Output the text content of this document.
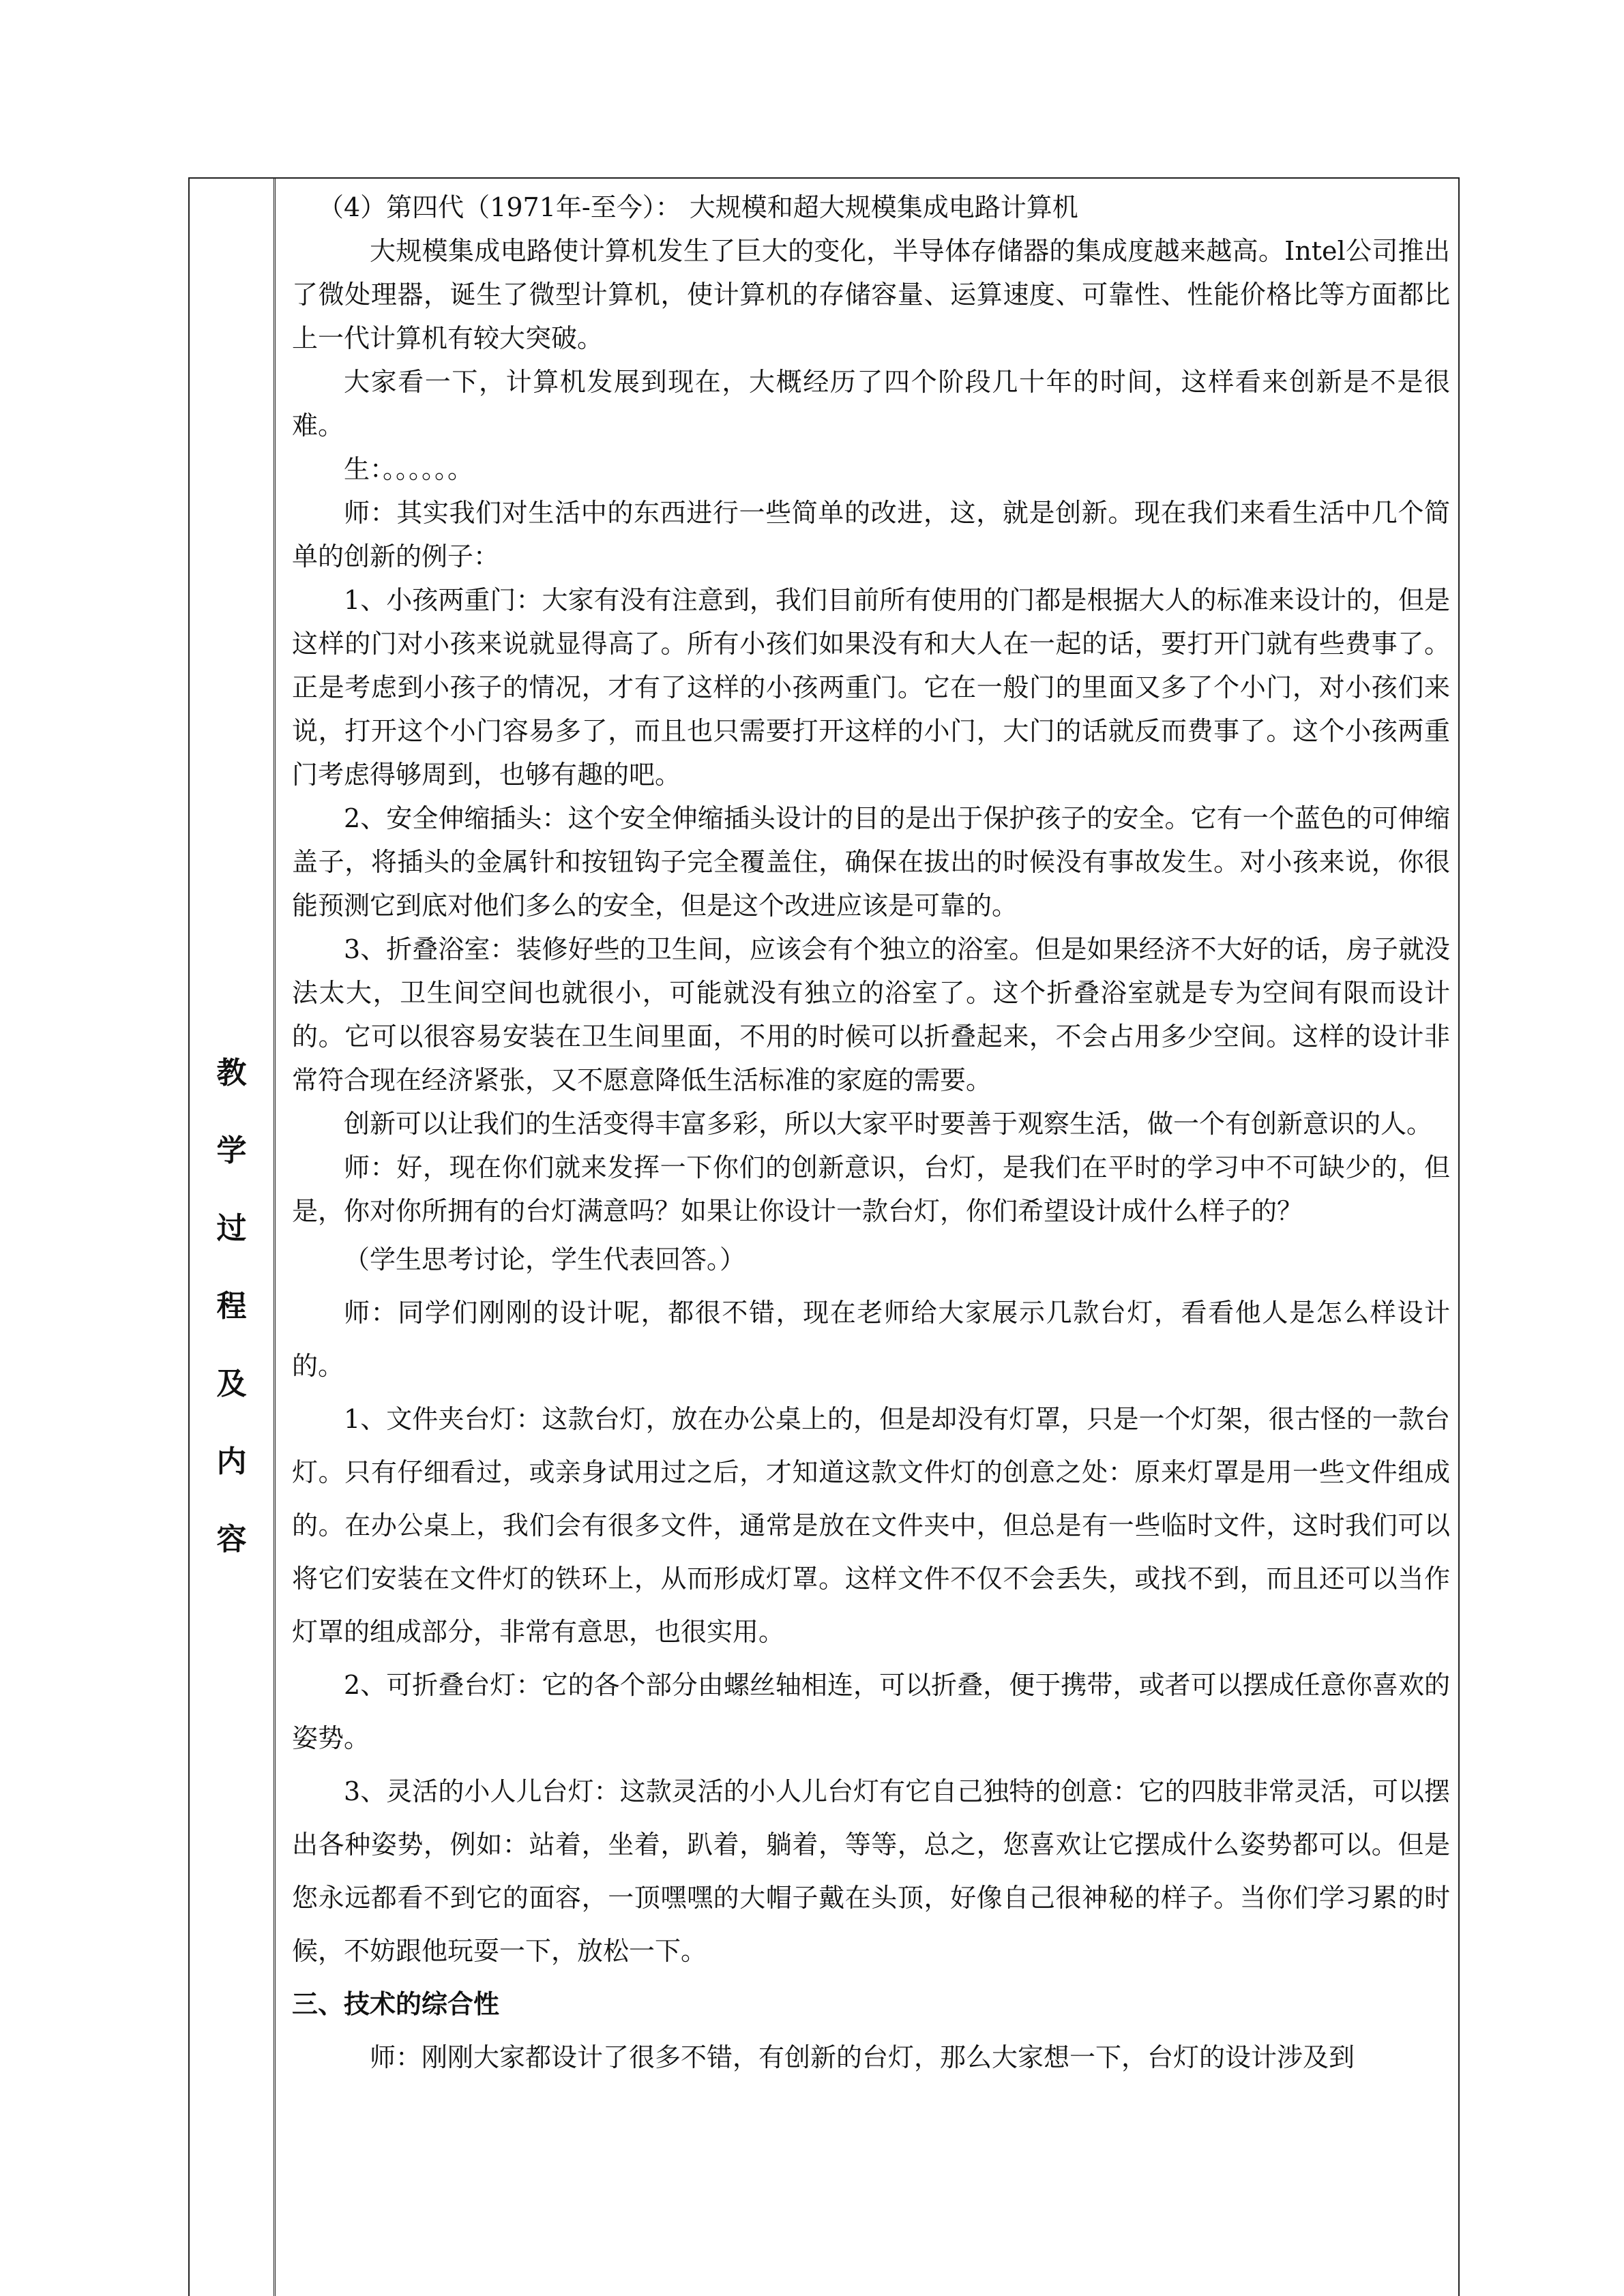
教
学
过
程
及
内
容

（4）第四代（1971年-至今）： 大规模和超大规模集成电路计算机

大规模集成电路使计算机发生了巨大的变化，半导体存储器的集成度越来越高。Intel公司推出了微处理器，诞生了微型计算机，使计算机的存储容量、运算速度、可靠性、性能价格比等方面都比上一代计算机有较大突破。

大家看一下，计算机发展到现在，大概经历了四个阶段几十年的时间，这样看来创新是不是很难。

生：。。。。。。

师：其实我们对生活中的东西进行一些简单的改进，这，就是创新。现在我们来看生活中几个简单的创新的例子：

1、小孩两重门：大家有没有注意到，我们目前所有使用的门都是根据大人的标准来设计的，但是这样的门对小孩来说就显得高了。所有小孩们如果没有和大人在一起的话，要打开门就有些费事了。正是考虑到小孩子的情况，才有了这样的小孩两重门。它在一般门的里面又多了个小门，对小孩们来说，打开这个小门容易多了，而且也只需要打开这样的小门，大门的话就反而费事了。这个小孩两重门考虑得够周到，也够有趣的吧。

2、安全伸缩插头：这个安全伸缩插头设计的目的是出于保护孩子的安全。它有一个蓝色的可伸缩盖子，将插头的金属针和按钮钩子完全覆盖住，确保在拔出的时候没有事故发生。对小孩来说，你很能预测它到底对他们多么的安全，但是这个改进应该是可靠的。

3、折叠浴室：装修好些的卫生间，应该会有个独立的浴室。但是如果经济不大好的话，房子就没法太大，卫生间空间也就很小，可能就没有独立的浴室了。这个折叠浴室就是专为空间有限而设计的。它可以很容易安装在卫生间里面，不用的时候可以折叠起来，不会占用多少空间。这样的设计非常符合现在经济紧张，又不愿意降低生活标准的家庭的需要。

创新可以让我们的生活变得丰富多彩，所以大家平时要善于观察生活，做一个有创新意识的人。

师：好，现在你们就来发挥一下你们的创新意识，台灯，是我们在平时的学习中不可缺少的，但是，你对你所拥有的台灯满意吗？如果让你设计一款台灯，你们希望设计成什么样子的？

（学生思考讨论，学生代表回答。）

师：同学们刚刚的设计呢，都很不错，现在老师给大家展示几款台灯，看看他人是怎么样设计的。

1、文件夹台灯：这款台灯，放在办公桌上的，但是却没有灯罩，只是一个灯架，很古怪的一款台灯。只有仔细看过，或亲身试用过之后，才知道这款文件灯的创意之处：原来灯罩是用一些文件组成的。在办公桌上，我们会有很多文件，通常是放在文件夹中，但总是有一些临时文件，这时我们可以将它们安装在文件灯的铁环上，从而形成灯罩。这样文件不仅不会丢失，或找不到，而且还可以当作灯罩的组成部分，非常有意思，也很实用。

2、可折叠台灯：它的各个部分由螺丝轴相连，可以折叠，便于携带，或者可以摆成任意你喜欢的姿势。

3、灵活的小人儿台灯：这款灵活的小人儿台灯有它自己独特的创意：它的四肢非常灵活，可以摆出各种姿势，例如：站着，坐着，趴着，躺着，等等，总之，您喜欢让它摆成什么姿势都可以。但是您永远都看不到它的面容，一顶嘿嘿的大帽子戴在头顶，好像自己很神秘的样子。当你们学习累的时候，不妨跟他玩耍一下，放松一下。

三、技术的综合性

师：刚刚大家都设计了很多不错，有创新的台灯，那么大家想一下，台灯的设计涉及到
